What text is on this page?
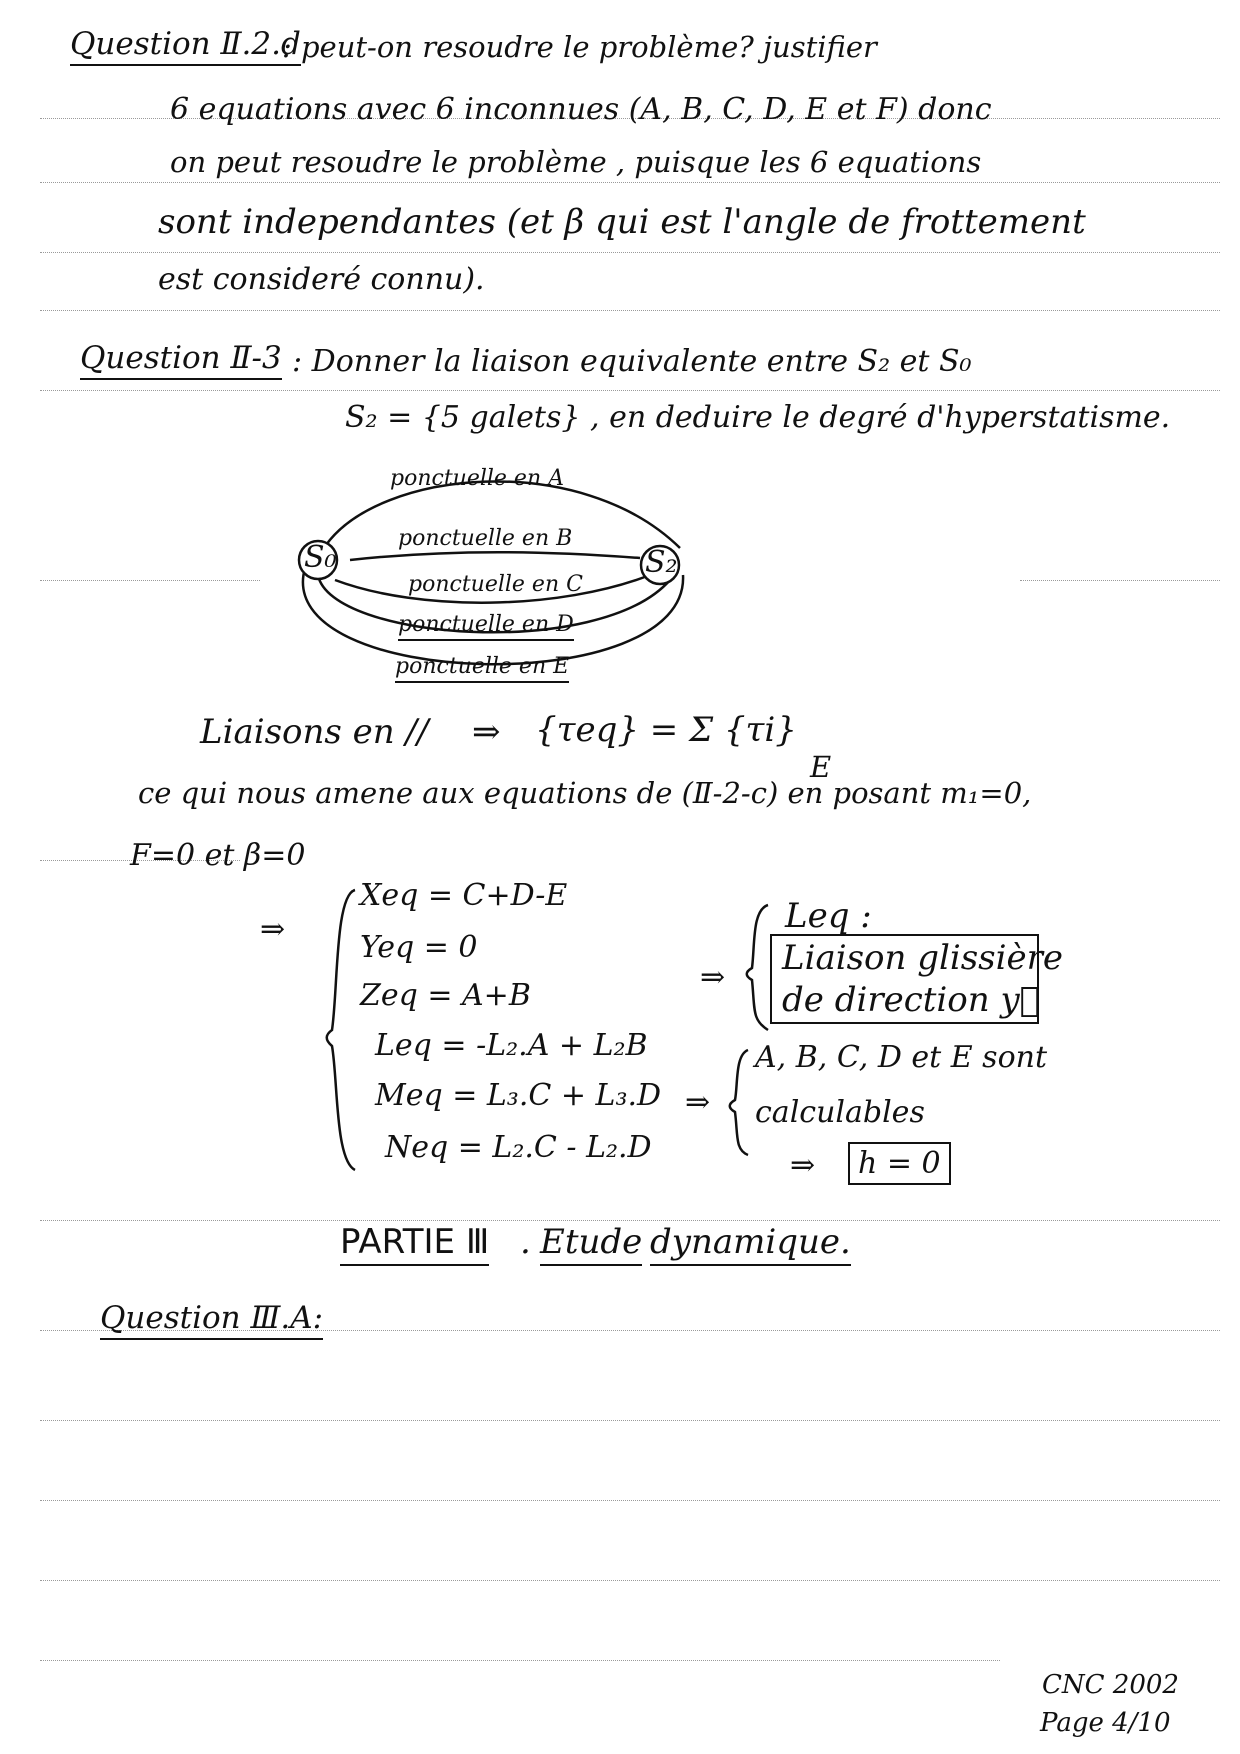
Question Ⅱ.2.d
: peut-on resoudre le problème? justifier
6 equations avec 6 inconnues (A, B, C, D, E et F) donc
on peut resoudre le problème , puisque les 6 equations
sont independantes (et β qui est l'angle de frottement
est consideré connu).
Question Ⅱ-3 : Donner la liaison equivalente entre S₂ et S₀
S₂ = {5 galets} , en deduire le degré d'hyperstatisme.
S₀	S₂
ponctuelle en A
ponctuelle en B
ponctuelle en C
ponctuelle en D
ponctuelle en E
Liaisons en // ⇒ {τeq} = Σ {τi}
E
ce qui nous amene aux equations de (Ⅱ-2-c) en posant m₁=0,
F=0 et β=0
⇒
Xeq = C+D-E
Yeq = 0
Zeq = A+B
Leq = -L₂.A + L₂B
Meq = L₃.C + L₃.D
Neq = L₂.C - L₂.D
⇒
Leq :
Liaison glissière
de direction y⃗
⇒
A, B, C, D et E sont
calculables
⇒	h = 0
PARTIE Ⅲ . Etude dynamique.
Question Ⅲ.A:
CNC 2002
Page 4/10
